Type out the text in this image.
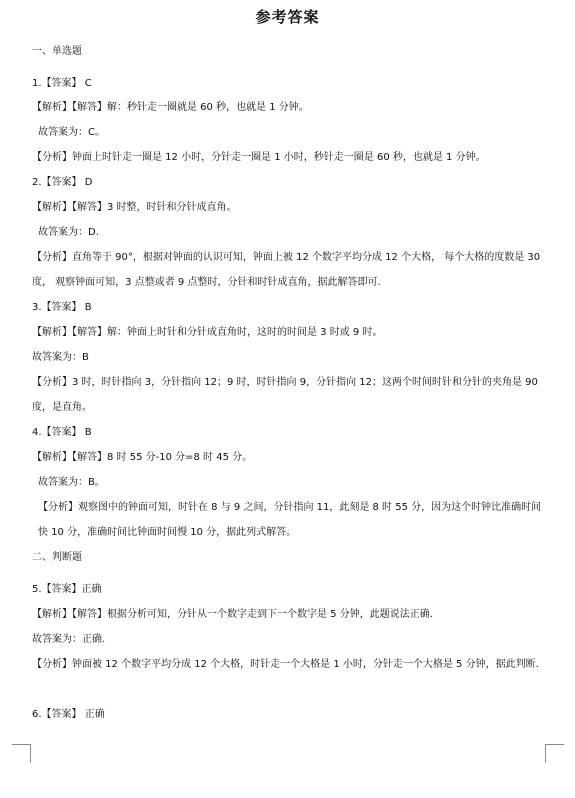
参考答案
一、单选题
1.【答案】 C
【解析】【解答】解：秒针走一圈就是 60 秒，也就是 1 分钟。
故答案为：C。
【分析】钟面上时针走一圈是 12 小时，分针走一圈是 1 小时，秒针走一圈是 60 秒，也就是 1 分钟。
2.【答案】 D
【解析】【解答】3 时整，时针和分针成直角。
故答案为：D.
【分析】直角等于 90°，根据对钟面的认识可知，钟面上被 12 个数字平均分成 12 个大格， 每个大格的度数是 30 度， 观察钟面可知，3 点整或者 9 点整时，分针和时针成直角，据此解答即可.
3.【答案】 B
【解析】【解答】解：钟面上时针和分针成直角时，这时的时间是 3 时或 9 时。
故答案为：B
【分析】3 时，时针指向 3，分针指向 12；9 时，时针指向 9，分针指向 12；这两个时间时针和分针的夹角是 90 度，是直角。
4.【答案】 B
【解析】【解答】8 时 55 分-10 分=8 时 45 分。
故答案为：B。
【分析】观察图中的钟面可知，时针在 8 与 9 之间，分针指向 11，此刻是 8 时 55 分，因为这个时钟比准确时间快 10 分，准确时间比钟面时间慢 10 分，据此列式解答。
二、判断题
5.【答案】正确
【解析】【解答】根据分析可知，分针从一个数字走到下一个数字是 5 分钟，此题说法正确.
故答案为：正确.
【分析】钟面被 12 个数字平均分成 12 个大格，时针走一个大格是 1 小时，分针走一个大格是 5 分钟，据此判断.
6.【答案】 正确
